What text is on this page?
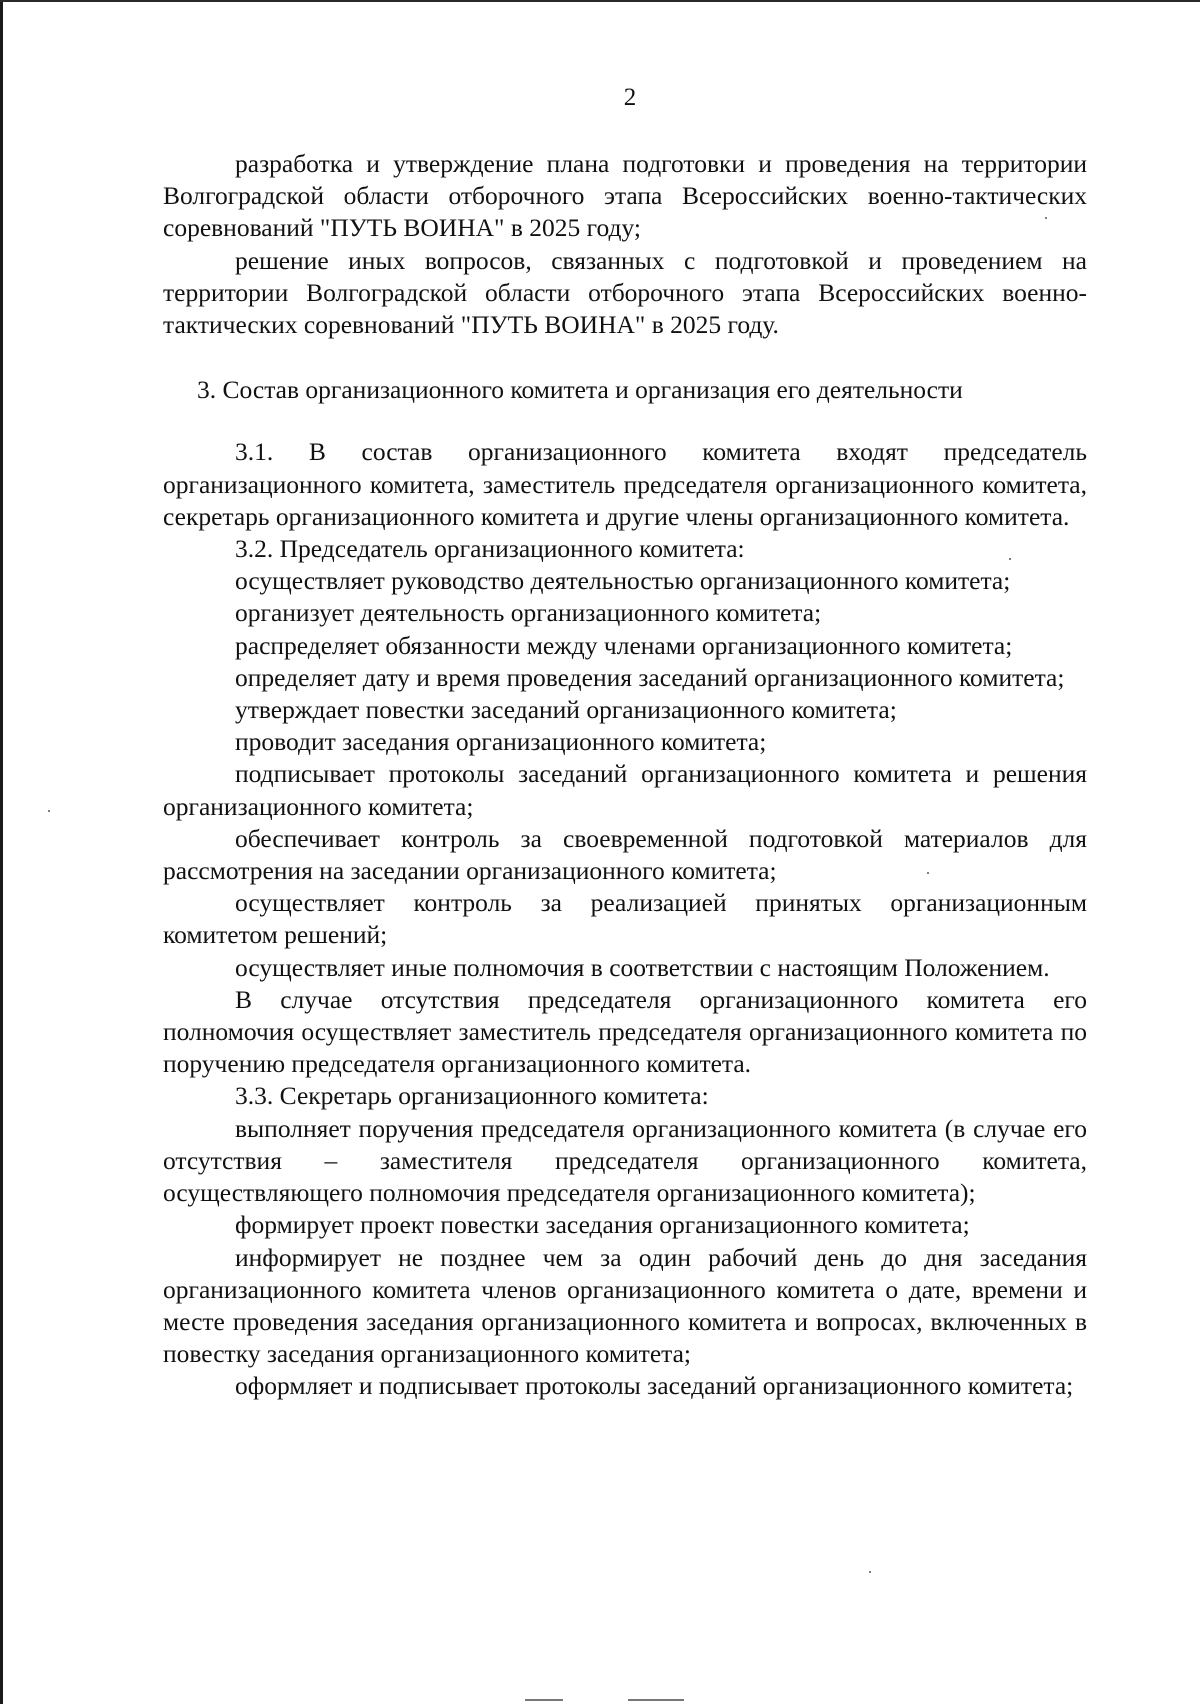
2

разработка и утверждение плана подготовки и проведения на территории Волгоградской области отборочного этапа Всероссийских военно-тактических соревнований "ПУТЬ ВОИНА" в 2025 году;

решение иных вопросов, связанных с подготовкой и проведением на территории Волгоградской области отборочного этапа Всероссийских военно-тактических соревнований "ПУТЬ ВОИНА" в 2025 году.

3. Состав организационного комитета и организация его деятельности

3.1. В состав организационного комитета входят председатель организационного комитета, заместитель председателя организационного комитета, секретарь организационного комитета и другие члены организационного комитета.

3.2. Председатель организационного комитета:

осуществляет руководство деятельностью организационного комитета;

организует деятельность организационного комитета;

распределяет обязанности между членами организационного комитета;

определяет дату и время проведения заседаний организационного комитета;

утверждает повестки заседаний организационного комитета;

проводит заседания организационного комитета;

подписывает протоколы заседаний организационного комитета и решения организационного комитета;

обеспечивает контроль за своевременной подготовкой материалов для рассмотрения на заседании организационного комитета;

осуществляет контроль за реализацией принятых организационным комитетом решений;

осуществляет иные полномочия в соответствии с настоящим Положением.

В случае отсутствия председателя организационного комитета его полномочия осуществляет заместитель председателя организационного комитета по поручению председателя организационного комитета.

3.3. Секретарь организационного комитета:

выполняет поручения председателя организационного комитета (в случае его отсутствия – заместителя председателя организационного комитета, осуществляющего полномочия председателя организационного комитета);

формирует проект повестки заседания организационного комитета;

информирует не позднее чем за один рабочий день до дня заседания организационного комитета членов организационного комитета о дате, времени и месте проведения заседания организационного комитета и вопросах, включенных в повестку заседания организационного комитета;

оформляет и подписывает протоколы заседаний организационного комитета;
